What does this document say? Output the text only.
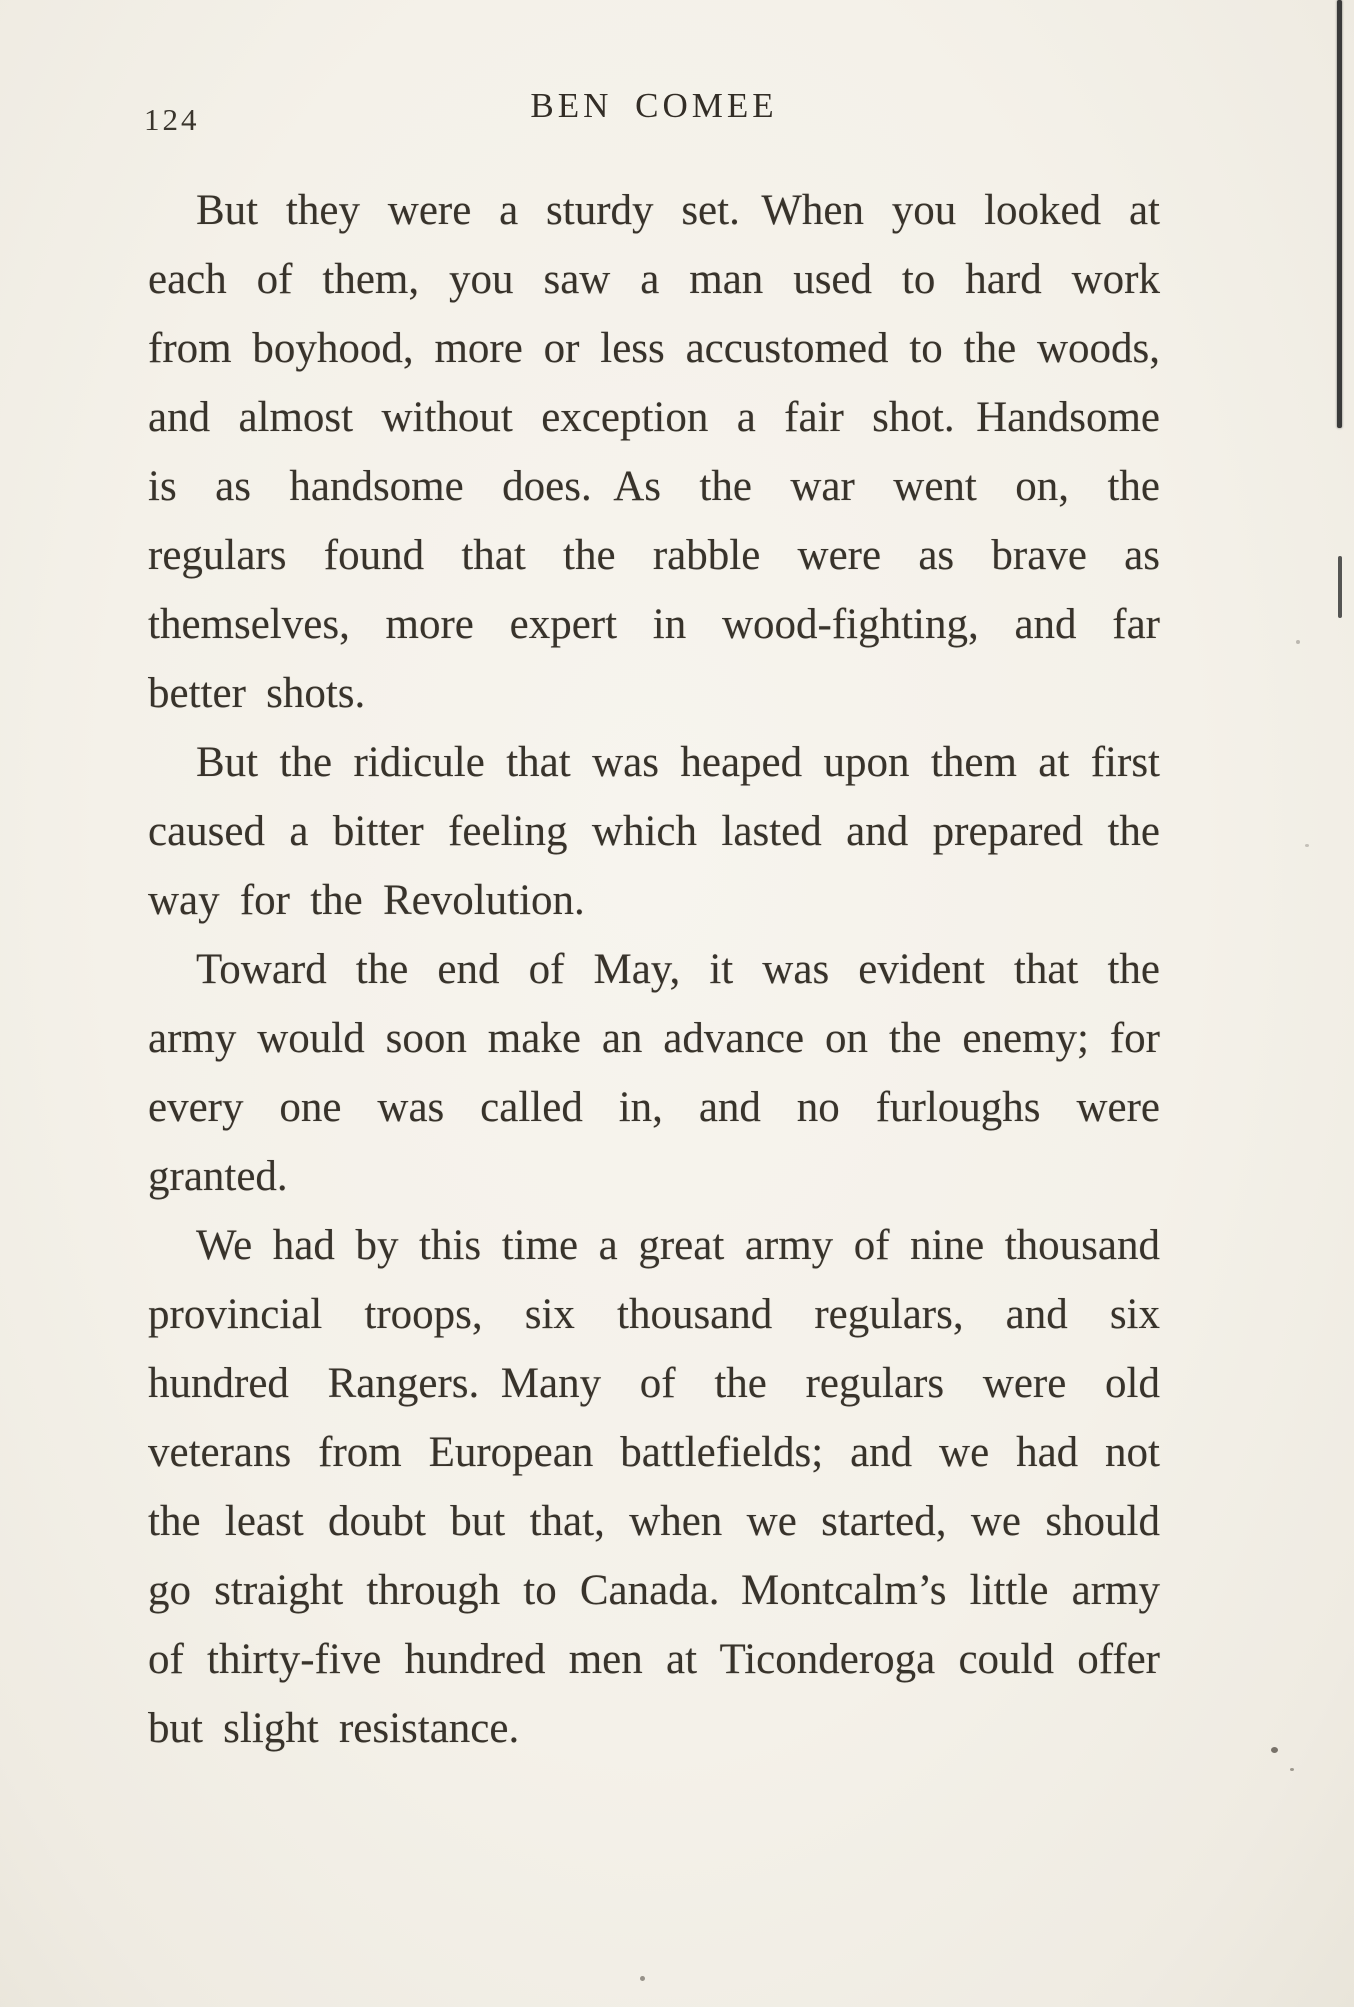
124	BEN COMEE

But they were a sturdy set. When you looked at each of them, you saw a man used to hard work from boyhood, more or less accustomed to the woods, and almost without exception a fair shot. Handsome is as handsome does. As the war went on, the regulars found that the rabble were as brave as themselves, more expert in wood-fighting, and far better shots.

But the ridicule that was heaped upon them at first caused a bitter feeling which lasted and prepared the way for the Revolution.

Toward the end of May, it was evident that the army would soon make an advance on the enemy; for every one was called in, and no furloughs were granted.

We had by this time a great army of nine thousand provincial troops, six thousand regulars, and six hundred Rangers. Many of the regulars were old veterans from European battlefields; and we had not the least doubt but that, when we started, we should go straight through to Canada. Montcalm’s little army of thirty-five hundred men at Ticonderoga could offer but slight resistance.
